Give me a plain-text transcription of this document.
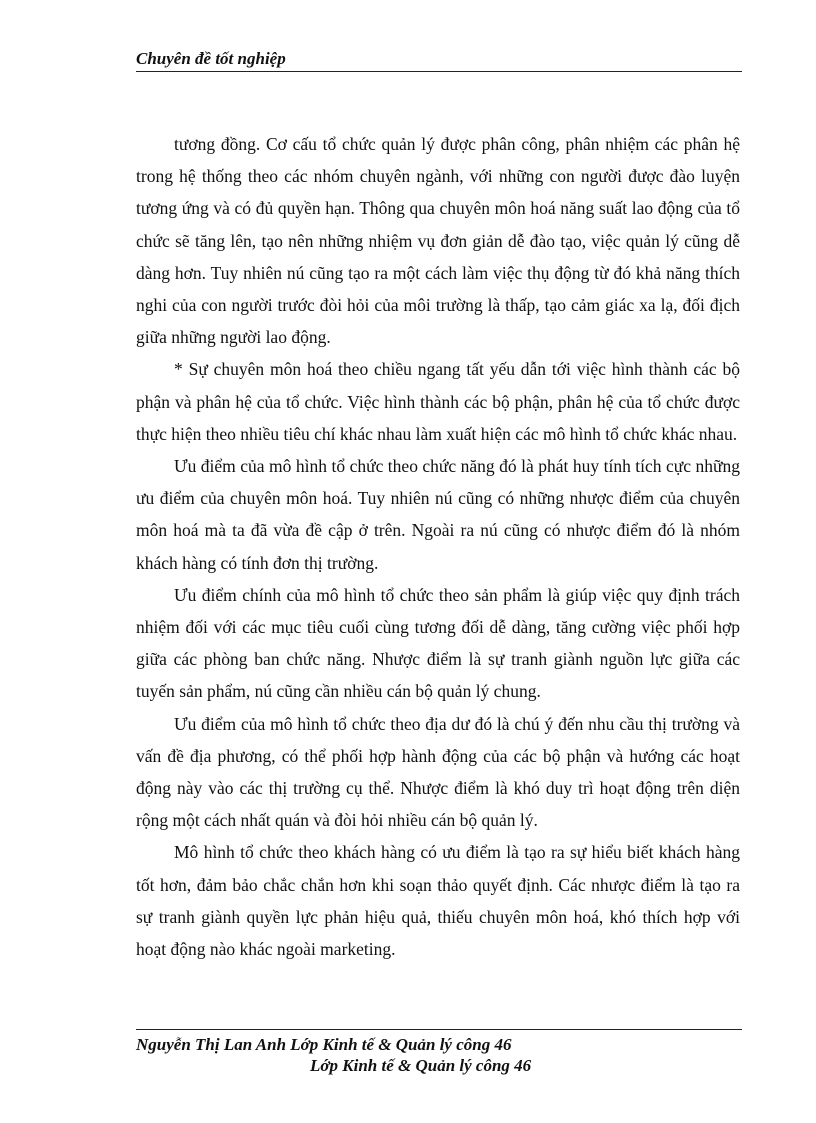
Chuyên đề tốt nghiệp

tương đồng. Cơ cấu tổ chức quản lý được phân công, phân nhiệm các phân hệ trong hệ thống theo các nhóm chuyên ngành, với những con người được đào luyện tương ứng và có đủ quyền hạn. Thông qua chuyên môn hoá năng suất lao động của tổ chức sẽ tăng lên, tạo nên những nhiệm vụ đơn giản dễ đào tạo, việc quản lý cũng dễ dàng hơn. Tuy nhiên nú cũng tạo ra một cách làm việc thụ động từ đó khả năng thích nghi của con người trước đòi hỏi của môi trường là thấp, tạo cảm giác xa lạ, đối địch giữa những người lao động.

* Sự chuyên môn hoá theo chiều ngang tất yếu dẫn tới việc hình thành các bộ phận và phân hệ của tổ chức. Việc hình thành các bộ phận, phân hệ của tổ chức được thực hiện theo nhiều tiêu chí khác nhau làm xuất hiện các mô hình tổ chức khác nhau.

Ưu điểm của mô hình tổ chức theo chức năng đó là phát huy tính tích cực những ưu điểm của chuyên môn hoá. Tuy nhiên nú cũng có những nhược điểm của chuyên môn hoá mà ta đã vừa đề cập ở trên. Ngoài ra nú cũng có nhược điểm đó là nhóm khách hàng có tính đơn thị trường.

Ưu điểm chính của mô hình tổ chức theo sản phẩm là giúp việc quy định trách nhiệm đối với các mục tiêu cuối cùng tương đối dễ dàng, tăng cường việc phối hợp giữa các phòng ban chức năng. Nhược điểm là sự tranh giành nguồn lực giữa các tuyến sản phẩm, nú cũng cần nhiều cán bộ quản lý chung.

Ưu điểm của mô hình tổ chức theo địa dư đó là chú ý đến nhu cầu thị trường và vấn đề địa phương, có thể phối hợp hành động của các bộ phận và hướng các hoạt động này vào các thị trường cụ thể. Nhược điểm là khó duy trì hoạt động trên diện rộng một cách nhất quán và đòi hỏi nhiều cán bộ quản lý.

Mô hình tổ chức theo khách hàng có ưu điểm là tạo ra sự hiểu biết khách hàng tốt hơn, đảm bảo chắc chắn hơn khi soạn thảo quyết định. Các nhược điểm là tạo ra sự tranh giành quyền lực phản hiệu quả, thiếu chuyên môn hoá, khó thích hợp với hoạt động nào khác ngoài marketing.

Nguyễn Thị Lan Anh Lớp Kinh tế & Quản lý công 46

Lớp Kinh tế & Quản lý công 46
